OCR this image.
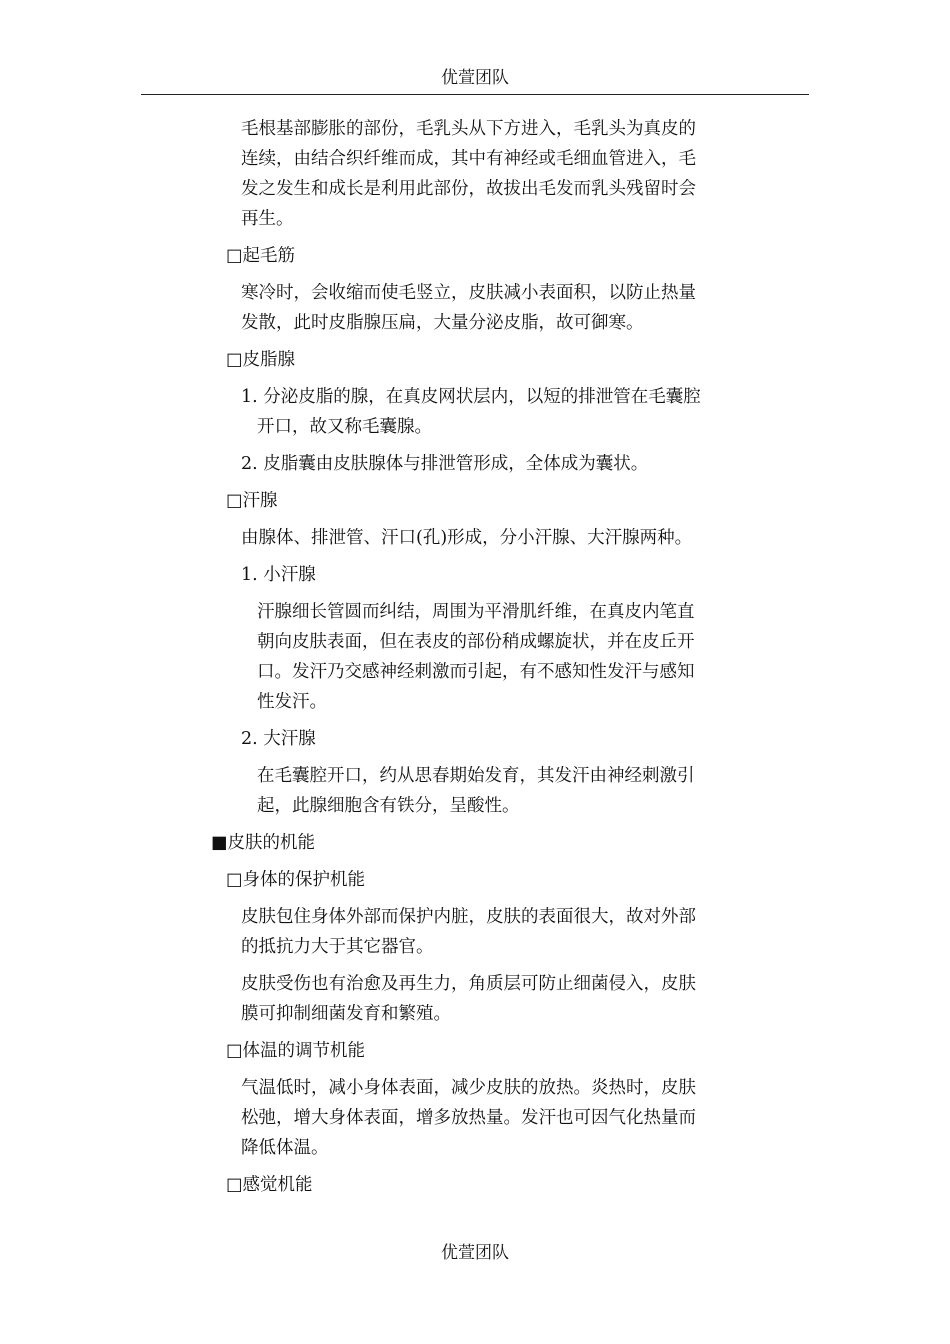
优萱团队
毛根基部膨胀的部份，毛乳头从下方进入，毛乳头为真皮的
连续，由结合织纤维而成，其中有神经或毛细血管进入，毛
发之发生和成长是利用此部份，故拔出毛发而乳头残留时会
再生。
□起毛筋
寒冷时，会收缩而使毛竖立，皮肤减小表面积，以防止热量
发散，此时皮脂腺压扁，大量分泌皮脂，故可御寒。
□皮脂腺
1. 分泌皮脂的腺，在真皮网状层内，以短的排泄管在毛囊腔
开口，故又称毛囊腺。
2. 皮脂囊由皮肤腺体与排泄管形成，全体成为囊状。
□汗腺
由腺体、排泄管、汗口(孔)形成，分小汗腺、大汗腺两种。
1. 小汗腺
汗腺细长管圆而纠结，周围为平滑肌纤维，在真皮内笔直
朝向皮肤表面，但在表皮的部份稍成螺旋状，并在皮丘开
口。发汗乃交感神经刺激而引起，有不感知性发汗与感知
性发汗。
2. 大汗腺
在毛囊腔开口，约从思春期始发育，其发汗由神经刺激引
起，此腺细胞含有铁分，呈酸性。
■皮肤的机能
□身体的保护机能
皮肤包住身体外部而保护内脏，皮肤的表面很大，故对外部
的抵抗力大于其它器官。
皮肤受伤也有治愈及再生力，角质层可防止细菌侵入，皮肤
膜可抑制细菌发育和繁殖。
□体温的调节机能
气温低时，减小身体表面，减少皮肤的放热。炎热时，皮肤
松弛，增大身体表面，增多放热量。发汗也可因气化热量而
降低体温。
□感觉机能
优萱团队
